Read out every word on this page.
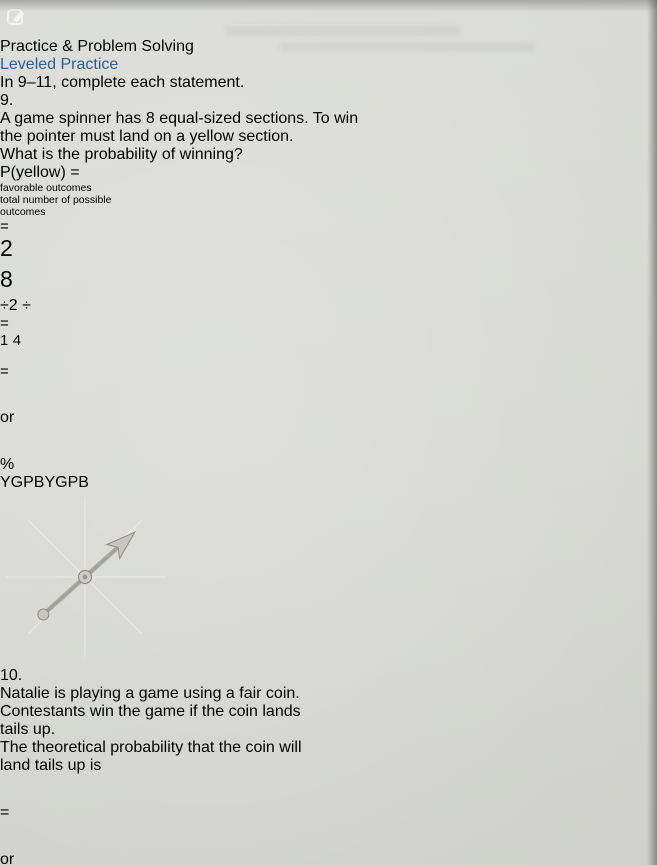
Practice & Problem Solving
Leveled Practice
In 9–11, complete each statement.
9.
A game spinner has 8 equal-sized sections. To win
the pointer must land on a yellow section.
What is the probability of winning?
P(yellow) =
favorable outcomes
total number of possible outcomes
=
2
8
÷2 ÷
=
1 4
=
or
%
YGPBYGPB
10.
Natalie is playing a game using a fair coin.
Contestants win the game if the coin lands
tails up.
The theoretical probability that the coin will
land tails up is
=
or
